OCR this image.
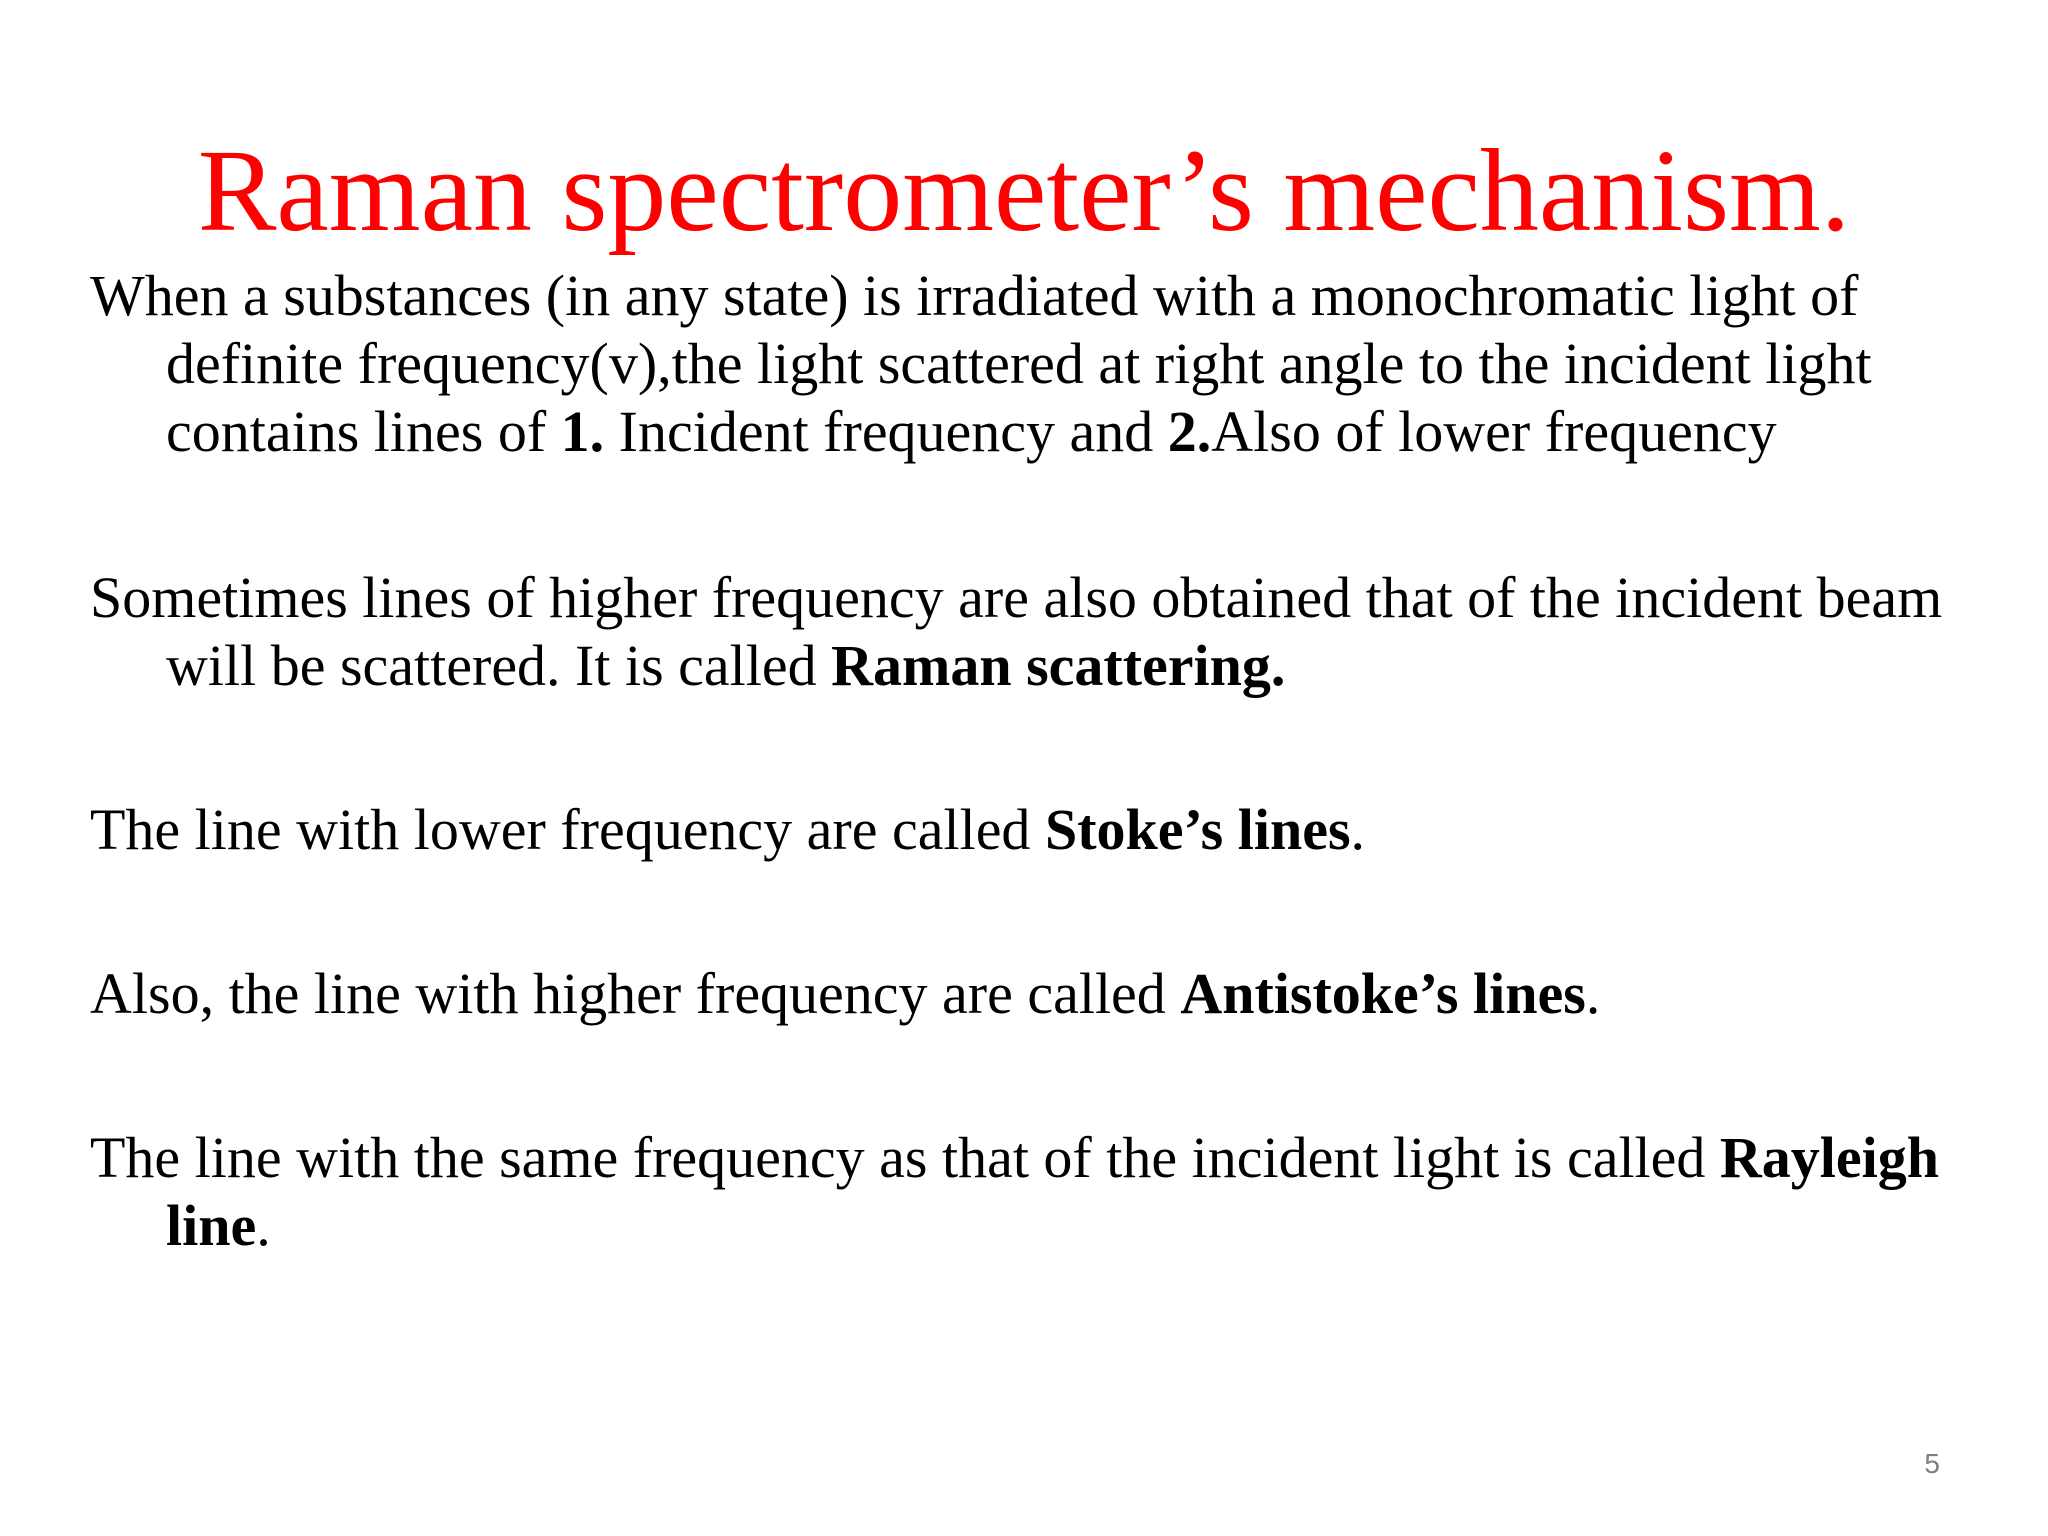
Raman spectrometer’s mechanism.

When a substances (in any state) is irradiated with a monochromatic light of definite frequency(v),the light scattered at right angle to the incident light contains lines of 1. Incident frequency and 2.Also of lower frequency

Sometimes lines of higher frequency are also obtained that of the incident beam will be scattered. It is called Raman scattering.

The line with lower frequency are called Stoke’s lines.

Also, the line with higher frequency are called Antistoke’s lines.

The line with the same frequency as that of the incident light is called Rayleigh line.

5
